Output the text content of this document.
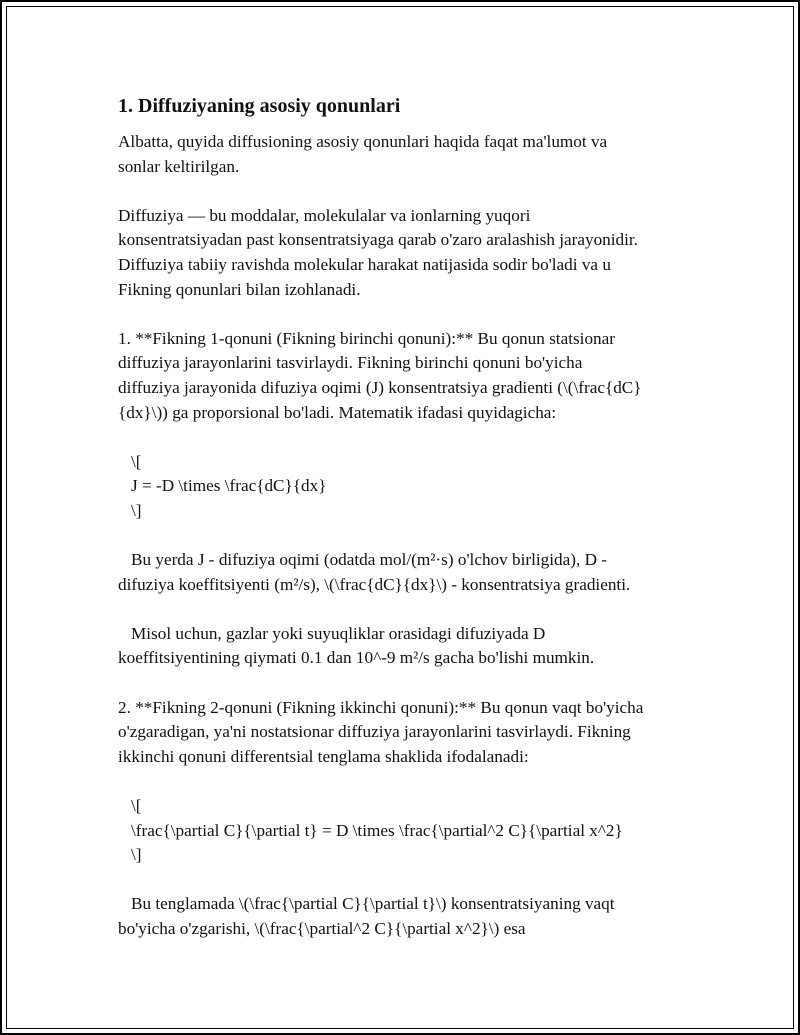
1. Diffuziyaning asosiy qonunlari

Albatta, quyida diffusioning asosiy qonunlari haqida faqat ma'lumot va
sonlar keltirilgan.

Diffuziya — bu moddalar, molekulalar va ionlarning yuqori
konsentratsiyadan past konsentratsiyaga qarab o'zaro aralashish jarayonidir.
Diffuziya tabiiy ravishda molekular harakat natijasida sodir bo'ladi va u
Fikning qonunlari bilan izohlanadi.

1. **Fikning 1-qonuni (Fikning birinchi qonuni):** Bu qonun statsionar
diffuziya jarayonlarini tasvirlaydi. Fikning birinchi qonuni bo'yicha
diffuziya jarayonida difuziya oqimi (J) konsentratsiya gradienti (\(\frac{dC}
{dx}\)) ga proporsional bo'ladi. Matematik ifadasi quyidagicha:

\[
J = -D \times \frac{dC}{dx}
\]

Bu yerda J - difuziya oqimi (odatda mol/(m²·s) o'lchov birligida), D -
difuziya koeffitsiyenti (m²/s), \(\frac{dC}{dx}\) - konsentratsiya gradienti.

Misol uchun, gazlar yoki suyuqliklar orasidagi difuziyada D
koeffitsiyentining qiymati 0.1 dan 10^-9 m²/s gacha bo'lishi mumkin.

2. **Fikning 2-qonuni (Fikning ikkinchi qonuni):** Bu qonun vaqt bo'yicha
o'zgaradigan, ya'ni nostatsionar diffuziya jarayonlarini tasvirlaydi. Fikning
ikkinchi qonuni differentsial tenglama shaklida ifodalanadi:

\[
\frac{\partial C}{\partial t} = D \times \frac{\partial^2 C}{\partial x^2}
\]

Bu tenglamada \(\frac{\partial C}{\partial t}\) konsentratsiyaning vaqt
bo'yicha o'zgarishi, \(\frac{\partial^2 C}{\partial x^2}\) esa
